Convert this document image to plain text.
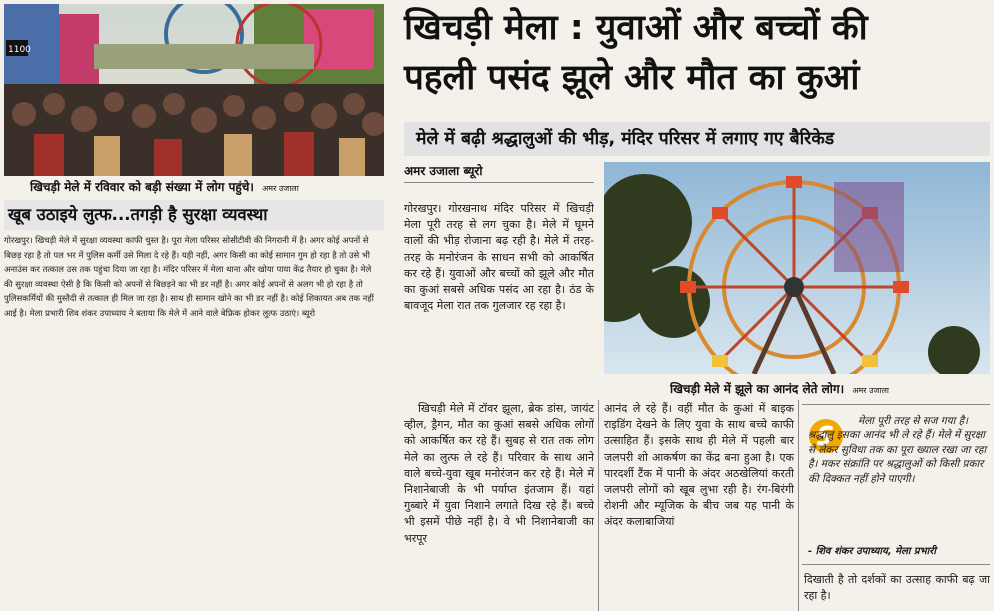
1100
खिचड़ी मेले में रविवार को बड़ी संख्या में लोग पहुंचे। अमर उजाला
खूब उठाइये लुत्फ...तगड़ी है सुरक्षा व्यवस्था

गोरखपुर। खिचड़ी मेले में सुरक्षा व्यवस्था काफी चुस्त है। पूरा मेला परिसर सोसीटीवी की निगरानी में है। अगर कोई अपनों से बिछड़ रहा है तो पल भर में पुलिस कर्मी उसे मिला दे रहे हैं। यही नहीं, अगर किसी का कोई सामान गुम हो रहा है तो उसे भी अनाउंस कर तत्काल उस तक पहुंचा दिया जा रहा है। मंदिर परिसर में मेला थाना और खोया पाया केंद्र तैयार हो चुका है। मेले की सुरक्षा व्यवस्था ऐसी है कि किसी को अपनों से बिछड़ने का भी डर नहीं है। अगर कोई अपनों से अलग भी हो रहा है तो पुलिसकर्मियों की मुस्तैदी से तत्काल ही मिल जा रहा है। साथ ही सामान खोने का भी डर नहीं है। कोई शिकायत अब तक नहीं आई है। मेला प्रभारी शिव शंकर उपाध्याय ने बताया कि मेले में आने वाले बेफ्रिक होकर लुत्फ उठाएं। ब्यूरो

खिचड़ी मेला : युवाओं और बच्चों की
पहली पसंद झूले और मौत का कुआं
मेले में बढ़ी श्रद्धालुओं की भीड़, मंदिर परिसर में लगाए गए बैरिकेड
अमर उजाला ब्यूरो

गोरखपुर। गोरखनाथ मंदिर परिसर में खिचड़ी मेला पूरी तरह से लग चुका है। मेले में घूमने वालों की भीड़ रोजाना बढ़ रही है। मेले में तरह-तरह के मनोरंजन के साधन सभी को आकर्षित कर रहे हैं। युवाओं और बच्चों को झूले और मौत का कुआं सबसे अधिक पसंद आ रहा है। ठंड के बावजूद मेला रात तक गुलजार रह रहा है।

खिचड़ी मेले में टॉवर झूला, ब्रेक डांस, जायंट व्हील, ड्रैगन, मौत का कुआं सबसे अधिक लोगों को आकर्षित कर रहे हैं। सुबह से रात तक लोग मेले का लुत्फ ले रहे हैं। परिवार के साथ आने वाले बच्चे-युवा खूब मनोरंजन कर रहे हैं। मेले में निशानेबाजी के भी पर्याप्त इंतजाम हैं। यहां गुब्बारे में युवा निशाने लगाते दिख रहे हैं। बच्चे भी इसमें पीछे नहीं है। वे भी निशानेबाजी का भरपूर

खिचड़ी मेले में झूले का आनंद लेते लोग। अमर उजाला

आनंद ले रहे हैं। वहीं मौत के कुआं में बाइक राइडिंग देखने के लिए युवा के साथ बच्चे काफी उत्साहित हैं। इसके साथ ही मेले में पहली बार जलपरी शो आकर्षण का केंद्र बना हुआ है। एक पारदर्शी टैंक में पानी के अंदर अठखेलियां करती जलपरी लोगों को खूब लुभा रही है। रंग-बिरंगी रोशनी और म्यूजिक के बीच जब यह पानी के अंदर कलाबाजियां

मेला पूरी तरह से सज गया है। श्रद्धालु इसका आनंद भी ले रहे हैं। मेले में सुरक्षा से लेकर सुविधा तक का पूरा ख्याल रखा जा रहा है। मकर संक्रांति पर श्रद्धालुओं को किसी प्रकार की दिक्कत नहीं होने पाएगी।

- शिव शंकर उपाध्याय, मेला प्रभारी

दिखाती है तो दर्शकों का उत्साह काफी बढ़ जा रहा है।
